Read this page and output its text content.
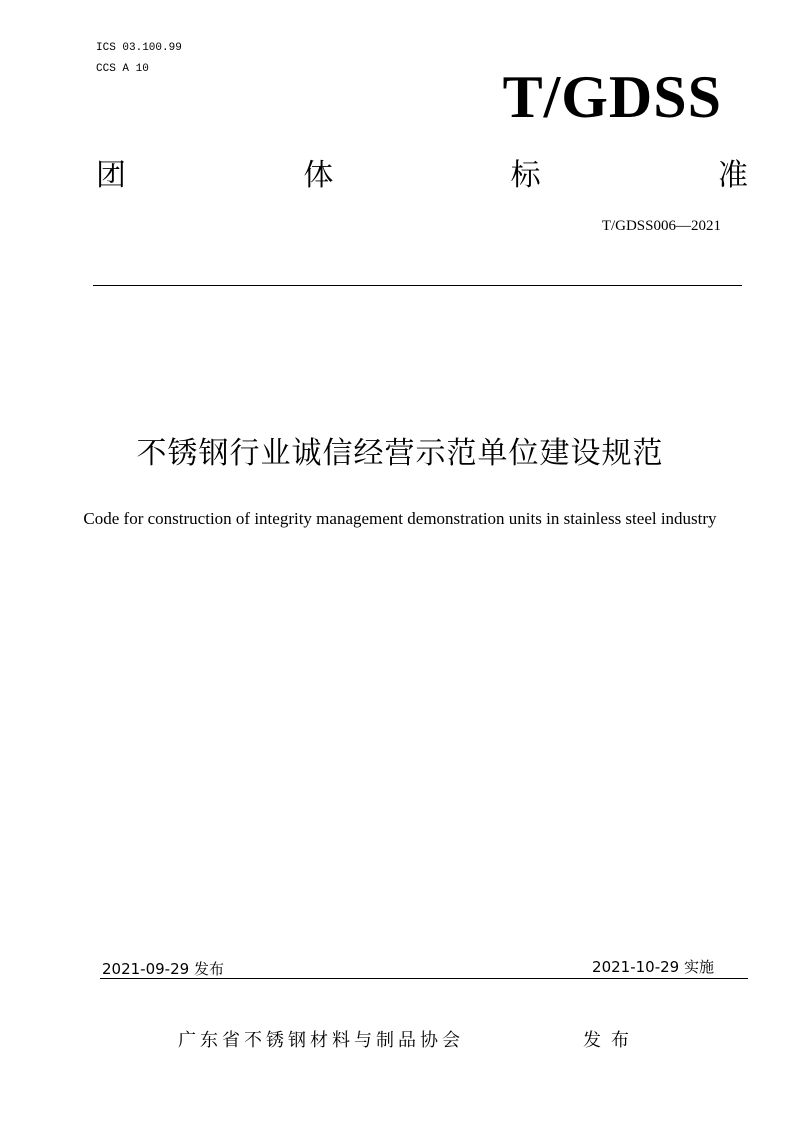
ICS 03.100.99
CCS A 10	T/GDSS
团	体	标	准
T/GDSS006—2021
不锈钢行业诚信经营示范单位建设规范
Code for construction of integrity management demonstration units in stainless steel industry
2021-09-29 发布	2021-10-29 实施
广东省不锈钢材料与制品协会	发布
